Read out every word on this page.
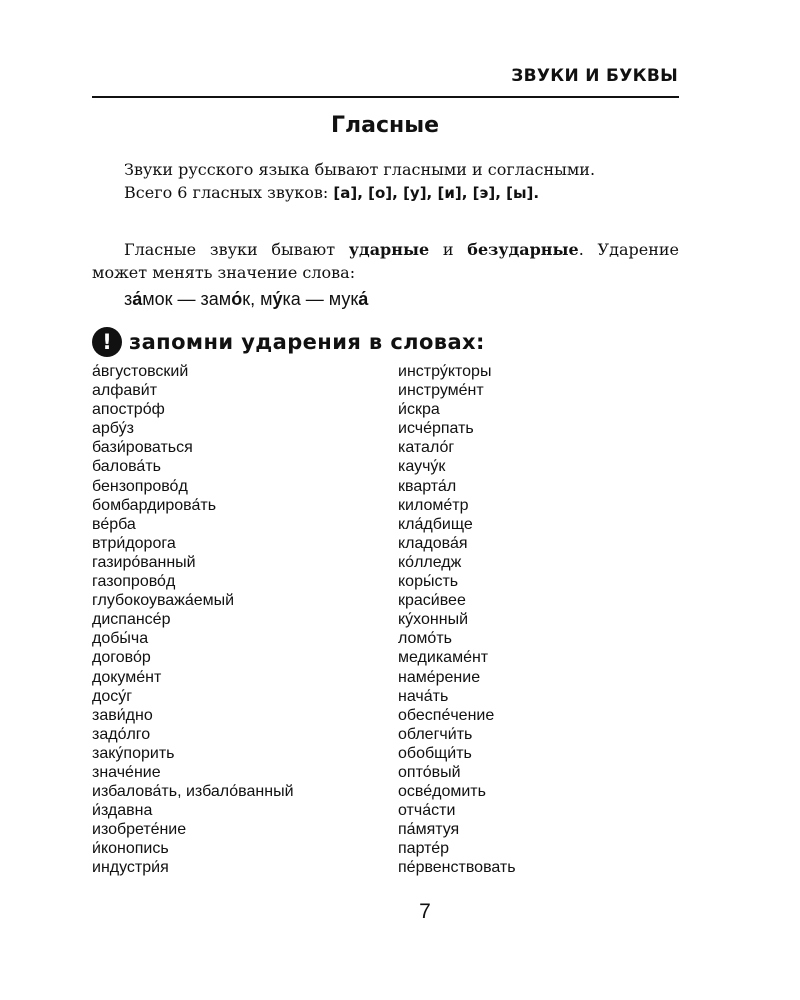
ЗВУКИ И БУКВЫ
Гласные

Звуки русского языка бывают гласными и согласными.

Всего 6 гласных звуков: [а], [о], [у], [и], [э], [ы].

Гласные звуки бывают ударные и безударные. Ударение может менять значение слова:

за́мок — замо́к, му́ка — мука́
! запомни ударения в словах:
а́вгустовский
алфави́т
апостро́ф
арбу́з
бази́роваться
балова́ть
бензопрово́д
бомбардирова́ть
ве́рба
втри́дорога
газиро́ванный
газопрово́д
глубокоуважа́емый
диспансе́р
добы́ча
догово́р
докуме́нт
досу́г
зави́дно
задо́лго
заку́порить
значе́ние
избалова́ть, избало́ванный
и́здавна
изобрете́ние
и́конопись
индустри́я
инстру́кторы
инструме́нт
и́скра
исче́рпать
катало́г
каучу́к
кварта́л
киломе́тр
кла́дбище
кладова́я
ко́лледж
коры́сть
краси́вее
ку́хонный
ломо́ть
медикаме́нт
наме́рение
нача́ть
обеспе́чение
облегчи́ть
обобщи́ть
опто́вый
осве́домить
отча́сти
па́мятуя
парте́р
пе́рвенствовать
7
